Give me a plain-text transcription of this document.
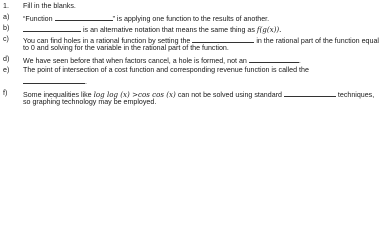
1. Fill in the blanks.
a) “Function	” is applying one function to the results of another.
b)	is an alternative notation that means the same thing as f(g(x)).
c) You can find holes in a rational function by setting the	in the rational part of the function equal
to 0 and solving for the variable in the rational part of the function.
d) We have seen before that when factors cancel, a hole is formed, not an	.
e) The point of intersection of a cost function and corresponding revenue function is called the
.
f) Some inequalities like log log (x) >cos cos (x) can not be solved using standard	techniques,
so graphing technology may be employed.
